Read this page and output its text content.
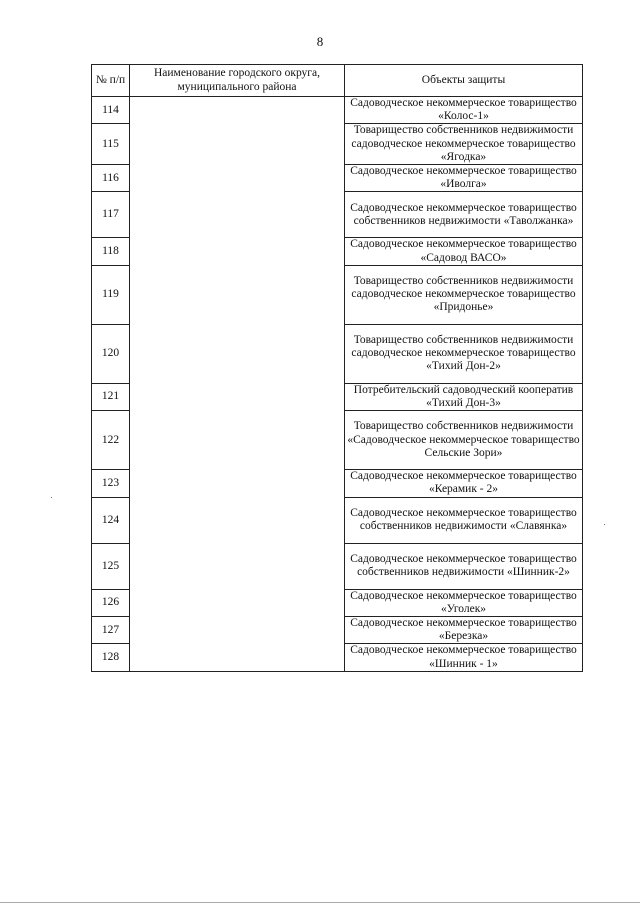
8
№ п/п	Наименование городского округа, муниципального района	Объекты защиты
114		Садоводческое некоммерческое товарищество «Колос-1»
115		Товарищество собственников недвижимости садоводческое некоммерческое товарищество «Ягодка»
116		Садоводческое некоммерческое товарищество «Иволга»
117		Садоводческое некоммерческое товарищество собственников недвижимости «Таволжанка»
118		Садоводческое некоммерческое товарищество «Садовод ВАСО»
119		Товарищество собственников недвижимости садоводческое некоммерческое товарищество «Придонье»
120		Товарищество собственников недвижимости садоводческое некоммерческое товарищество «Тихий Дон-2»
121		Потребительский садоводческий кооператив «Тихий Дон-3»
122		Товарищество собственников недвижимости «Садоводческое некоммерческое товарищество Сельские Зори»
123		Садоводческое некоммерческое товарищество «Керамик - 2»
124		Садоводческое некоммерческое товарищество собственников недвижимости «Славянка»
125		Садоводческое некоммерческое товарищество собственников недвижимости «Шинник-2»
126		Садоводческое некоммерческое товарищество «Уголек»
127		Садоводческое некоммерческое товарищество «Березка»
128		Садоводческое некоммерческое товарищество «Шинник - 1»
